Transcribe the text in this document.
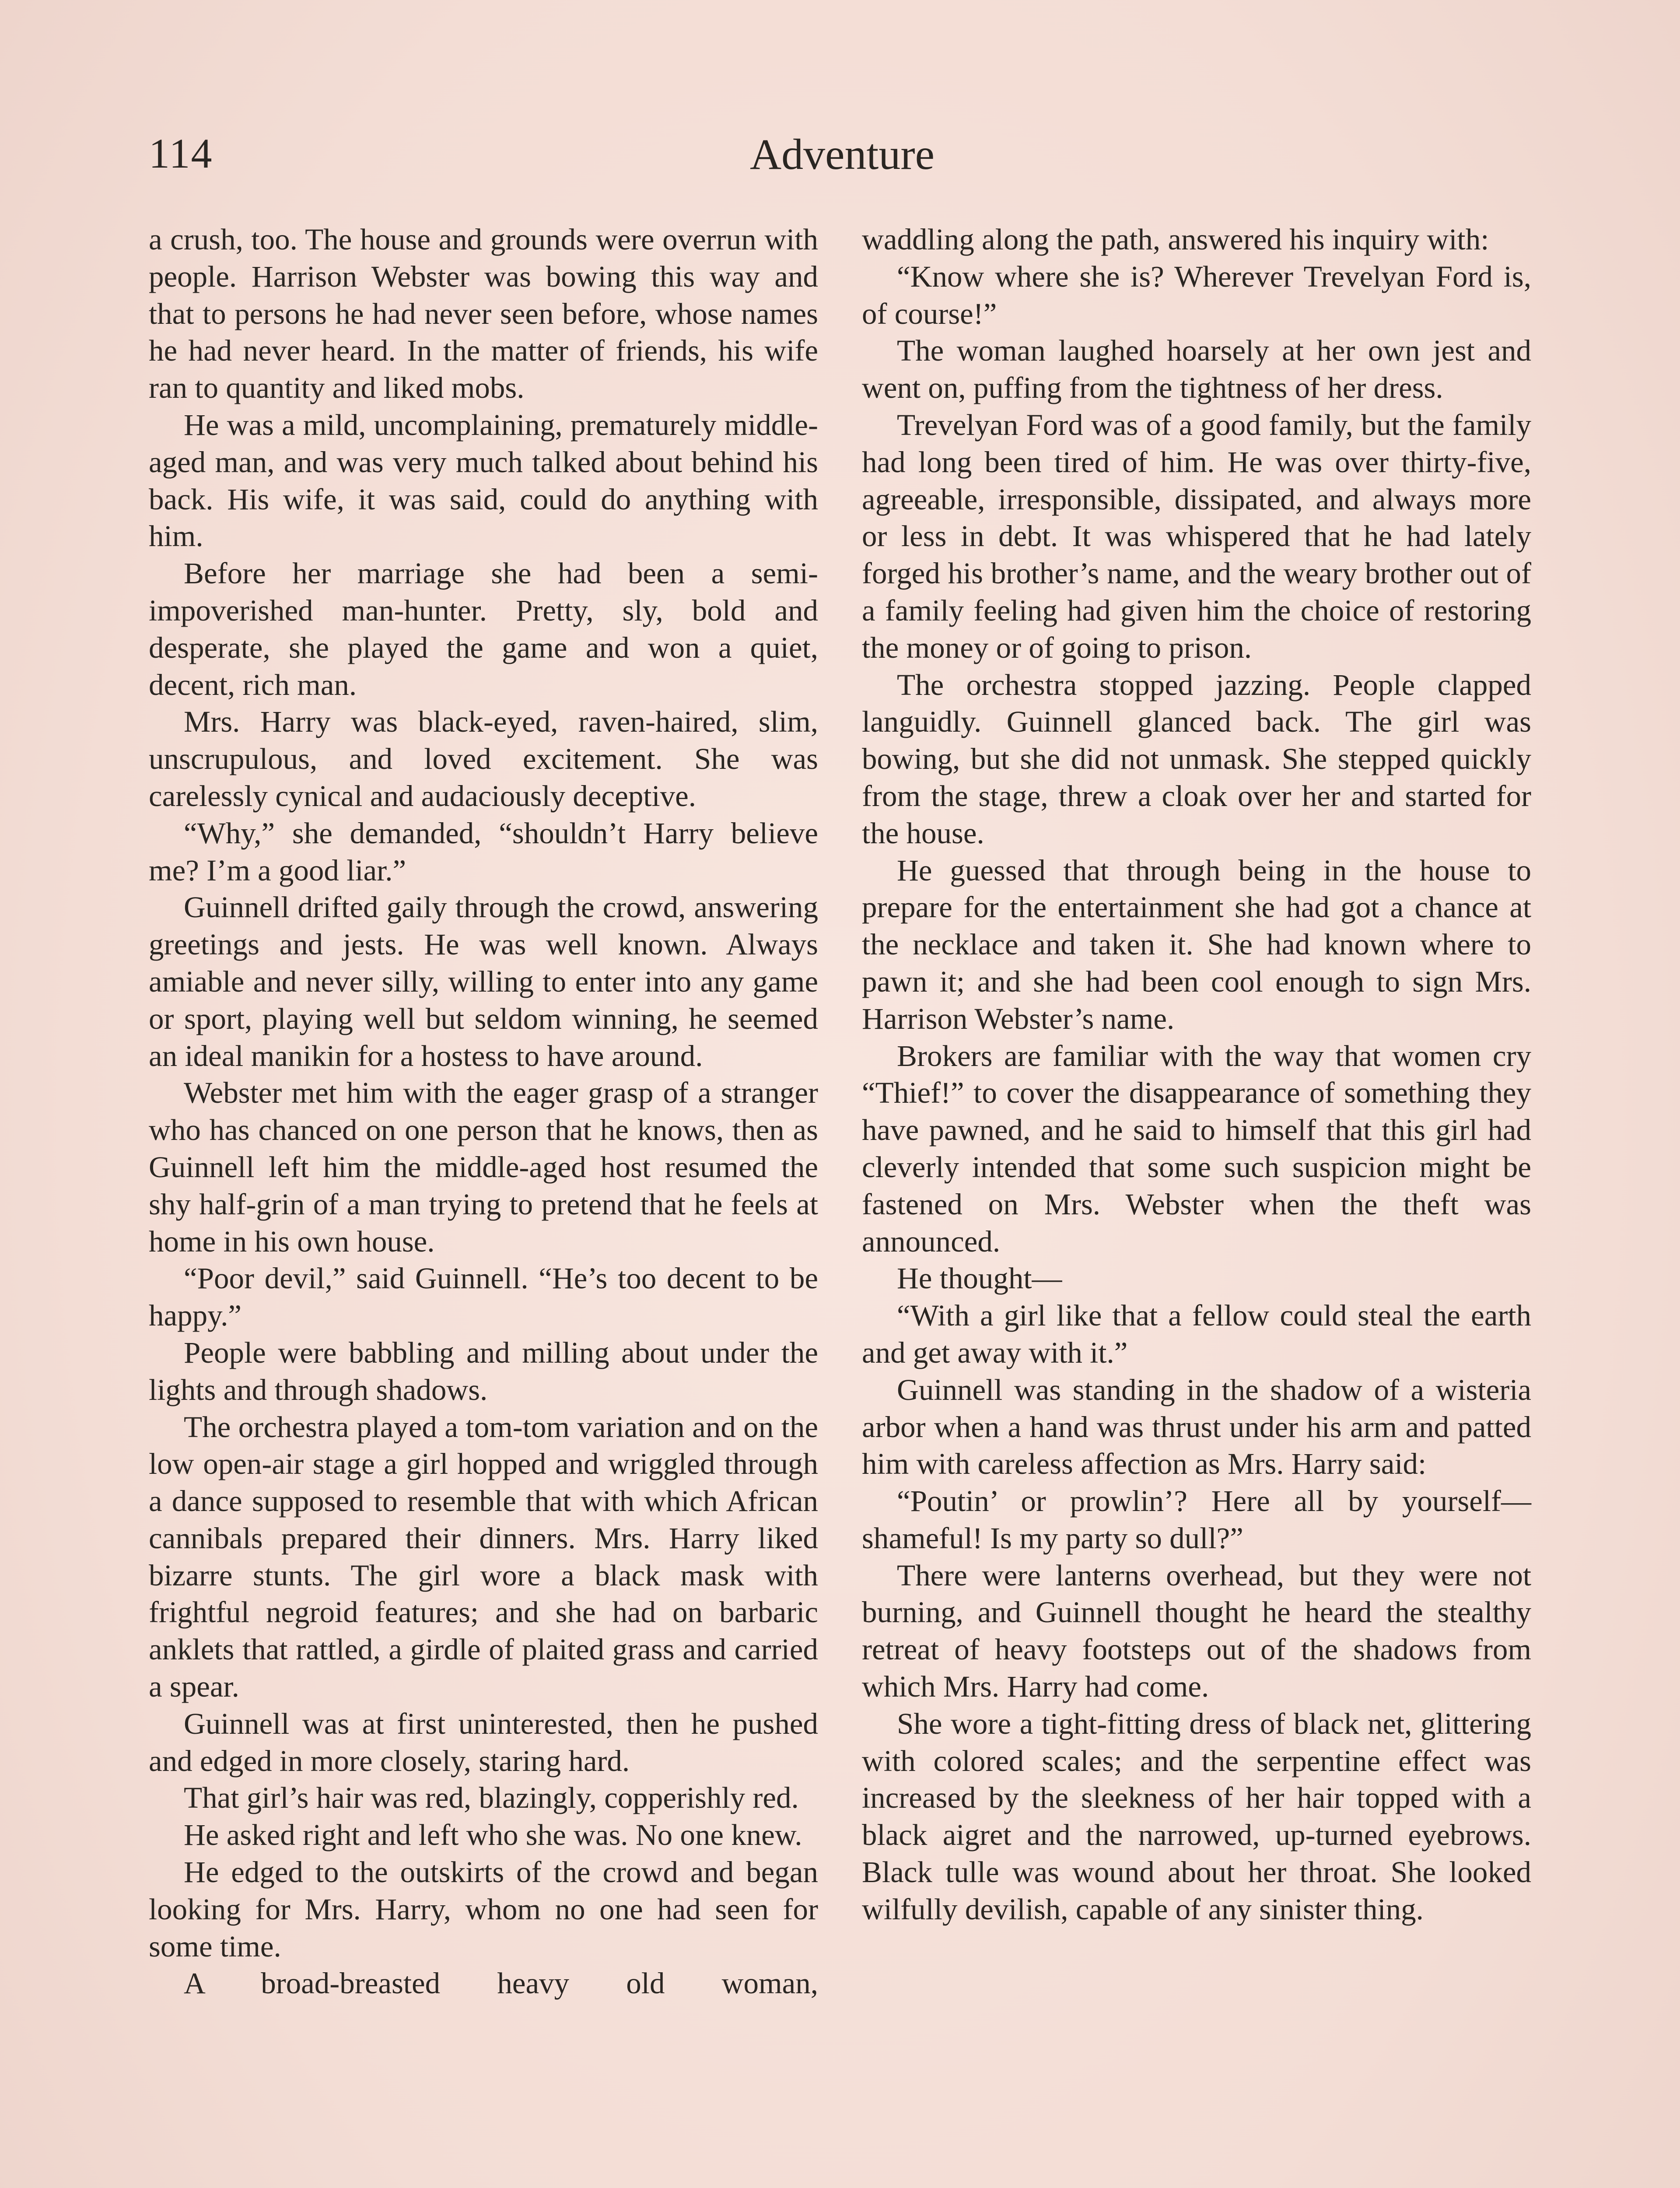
114	Adventure

a crush, too. The house and grounds were overrun with people. Harrison Webster was bowing this way and that to persons he had never seen before, whose names he had never heard. In the matter of friends, his wife ran to quantity and liked mobs.

He was a mild, uncomplaining, prematurely middle-aged man, and was very much talked about behind his back. His wife, it was said, could do anything with him.

Before her marriage she had been a semi-impoverished man-hunter. Pretty, sly, bold and desperate, she played the game and won a quiet, decent, rich man.

Mrs. Harry was black-eyed, raven-haired, slim, unscrupulous, and loved excitement. She was carelessly cynical and audaciously deceptive.

“Why,” she demanded, “shouldn’t Harry believe me? I’m a good liar.”

Guinnell drifted gaily through the crowd, answering greetings and jests. He was well known. Always amiable and never silly, willing to enter into any game or sport, playing well but seldom winning, he seemed an ideal manikin for a hostess to have around.

Webster met him with the eager grasp of a stranger who has chanced on one person that he knows, then as Guinnell left him the middle-aged host resumed the shy half-grin of a man trying to pretend that he feels at home in his own house.

“Poor devil,” said Guinnell. “He’s too decent to be happy.”

People were babbling and milling about under the lights and through shadows.

The orchestra played a tom-tom variation and on the low open-air stage a girl hopped and wriggled through a dance supposed to resemble that with which African cannibals prepared their dinners. Mrs. Harry liked bizarre stunts. The girl wore a black mask with frightful negroid features; and she had on barbaric anklets that rattled, a girdle of plaited grass and carried a spear.

Guinnell was at first uninterested, then he pushed and edged in more closely, staring hard.

That girl’s hair was red, blazingly, copperishly red.

He asked right and left who she was. No one knew.

He edged to the outskirts of the crowd and began looking for Mrs. Harry, whom no one had seen for some time.

A broad-breasted heavy old woman,

waddling along the path, answered his inquiry with:

“Know where she is? Wherever Trevelyan Ford is, of course!”

The woman laughed hoarsely at her own jest and went on, puffing from the tightness of her dress.

Trevelyan Ford was of a good family, but the family had long been tired of him. He was over thirty-five, agreeable, irresponsible, dissipated, and always more or less in debt. It was whispered that he had lately forged his brother’s name, and the weary brother out of a family feeling had given him the choice of restoring the money or of going to prison.

The orchestra stopped jazzing. People clapped languidly. Guinnell glanced back. The girl was bowing, but she did not unmask. She stepped quickly from the stage, threw a cloak over her and started for the house.

He guessed that through being in the house to prepare for the entertainment she had got a chance at the necklace and taken it. She had known where to pawn it; and she had been cool enough to sign Mrs. Harrison Webster’s name.

Brokers are familiar with the way that women cry “Thief!” to cover the disappearance of something they have pawned, and he said to himself that this girl had cleverly intended that some such suspicion might be fastened on Mrs. Webster when the theft was announced.

He thought—

“With a girl like that a fellow could steal the earth and get away with it.”

Guinnell was standing in the shadow of a wisteria arbor when a hand was thrust under his arm and patted him with careless affection as Mrs. Harry said:

“Poutin’ or prowlin’? Here all by yourself—shameful! Is my party so dull?”

There were lanterns overhead, but they were not burning, and Guinnell thought he heard the stealthy retreat of heavy footsteps out of the shadows from which Mrs. Harry had come.

She wore a tight-fitting dress of black net, glittering with colored scales; and the serpentine effect was increased by the sleekness of her hair topped with a black aigret and the narrowed, up-turned eyebrows. Black tulle was wound about her throat. She looked wilfully devilish, capable of any sinister thing.
